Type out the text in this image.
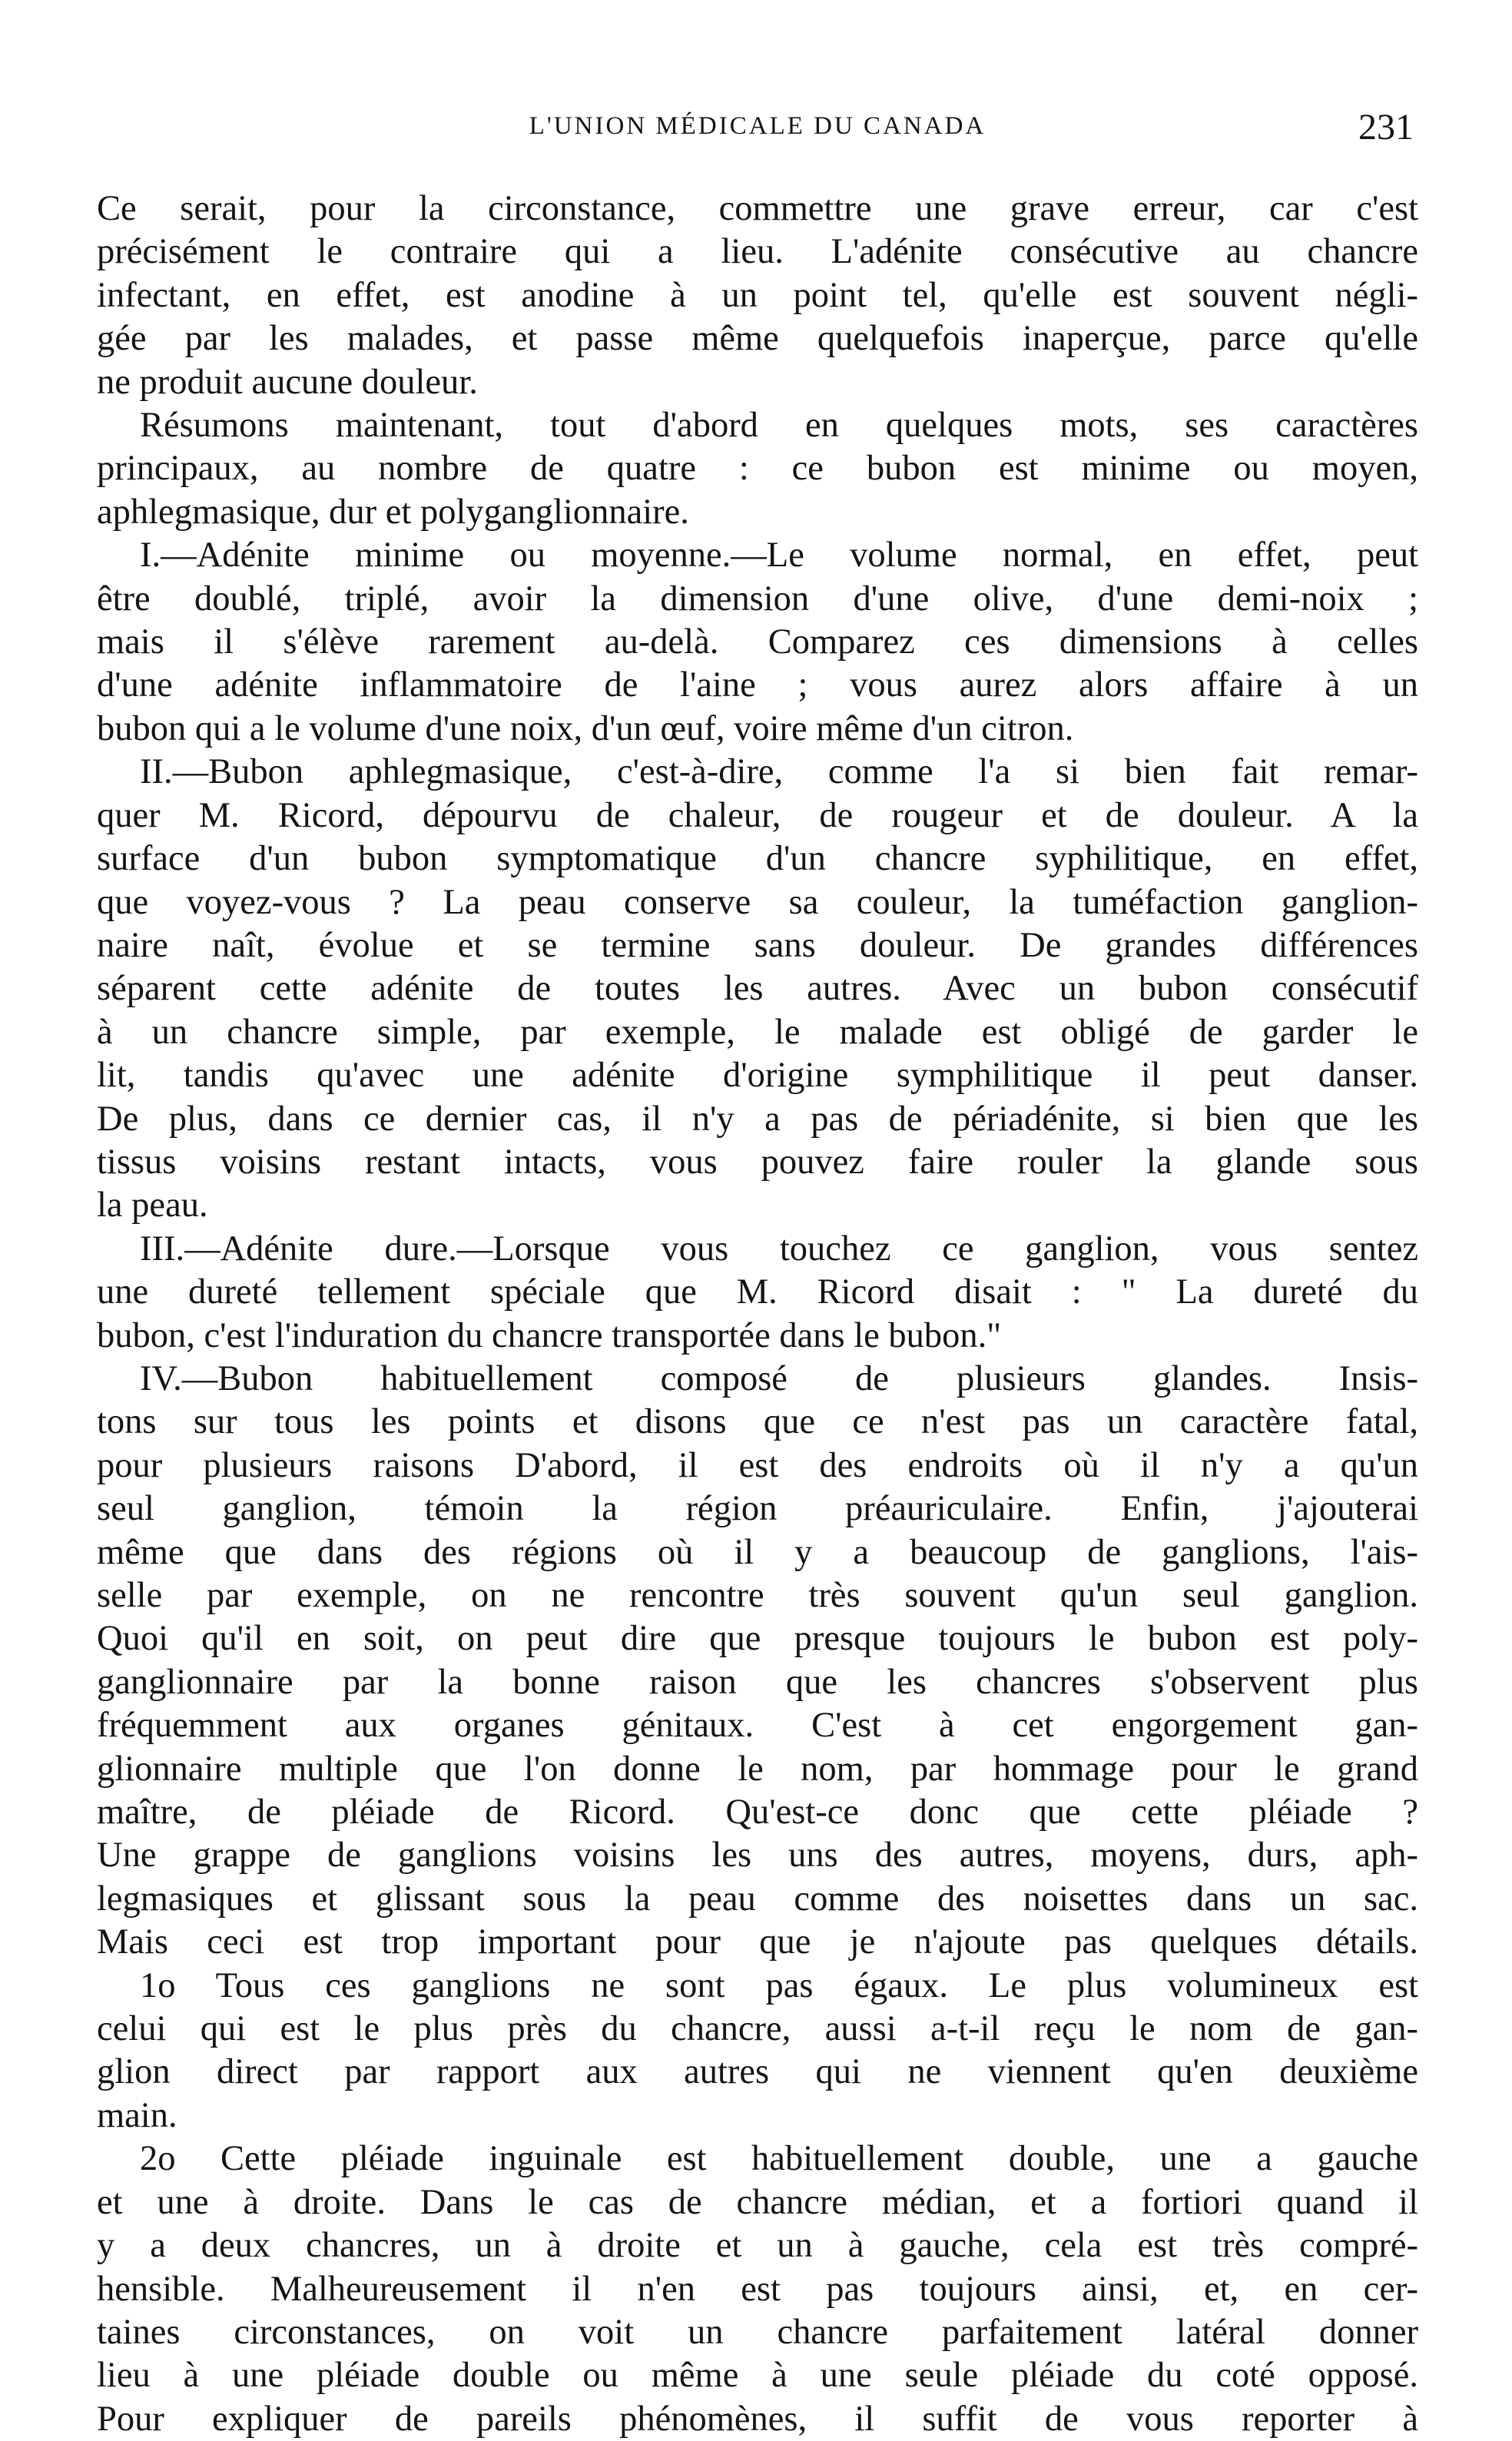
L'UNION MÉDICALE DU CANADA	231

Ce serait, pour la circonstance, commettre une grave erreur, car c'est

précisément le contraire qui a lieu. L'adénite consécutive au chancre

infectant, en effet, est anodine à un point tel, qu'elle est souvent négli-

gée par les malades, et passe même quelquefois inaperçue, parce qu'elle

ne produit aucune douleur.

Résumons maintenant, tout d'abord en quelques mots, ses caractères

principaux, au nombre de quatre : ce bubon est minime ou moyen,

aphlegmasique, dur et polyganglionnaire.

I.—Adénite minime ou moyenne.—Le volume normal, en effet, peut

être doublé, triplé, avoir la dimension d'une olive, d'une demi-noix ;

mais il s'élève rarement au-delà. Comparez ces dimensions à celles

d'une adénite inflammatoire de l'aine ; vous aurez alors affaire à un

bubon qui a le volume d'une noix, d'un œuf, voire même d'un citron.

II.—Bubon aphlegmasique, c'est-à-dire, comme l'a si bien fait remar-

quer M. Ricord, dépourvu de chaleur, de rougeur et de douleur. A la

surface d'un bubon symptomatique d'un chancre syphilitique, en effet,

que voyez-vous ? La peau conserve sa couleur, la tuméfaction ganglion-

naire naît, évolue et se termine sans douleur. De grandes différences

séparent cette adénite de toutes les autres. Avec un bubon consécutif

à un chancre simple, par exemple, le malade est obligé de garder le

lit, tandis qu'avec une adénite d'origine symphilitique il peut danser.

De plus, dans ce dernier cas, il n'y a pas de périadénite, si bien que les

tissus voisins restant intacts, vous pouvez faire rouler la glande sous

la peau.

III.—Adénite dure.—Lorsque vous touchez ce ganglion, vous sentez

une dureté tellement spéciale que M. Ricord disait : " La dureté du

bubon, c'est l'induration du chancre transportée dans le bubon."

IV.—Bubon habituellement composé de plusieurs glandes. Insis-

tons sur tous les points et disons que ce n'est pas un caractère fatal,

pour plusieurs raisons D'abord, il est des endroits où il n'y a qu'un

seul ganglion, témoin la région préauriculaire. Enfin, j'ajouterai

même que dans des régions où il y a beaucoup de ganglions, l'ais-

selle par exemple, on ne rencontre très souvent qu'un seul ganglion.

Quoi qu'il en soit, on peut dire que presque toujours le bubon est poly-

ganglionnaire par la bonne raison que les chancres s'observent plus

fréquemment aux organes génitaux. C'est à cet engorgement gan-

glionnaire multiple que l'on donne le nom, par hommage pour le grand

maître, de pléiade de Ricord. Qu'est-ce donc que cette pléiade ?

Une grappe de ganglions voisins les uns des autres, moyens, durs, aph-

legmasiques et glissant sous la peau comme des noisettes dans un sac.

Mais ceci est trop important pour que je n'ajoute pas quelques détails.

1o Tous ces ganglions ne sont pas égaux. Le plus volumineux est

celui qui est le plus près du chancre, aussi a-t-il reçu le nom de gan-

glion direct par rapport aux autres qui ne viennent qu'en deuxième

main.

2o Cette pléiade inguinale est habituellement double, une a gauche

et une à droite. Dans le cas de chancre médian, et a fortiori quand il

y a deux chancres, un à droite et un à gauche, cela est très compré-

hensible. Malheureusement il n'en est pas toujours ainsi, et, en cer-

taines circonstances, on voit un chancre parfaitement latéral donner

lieu à une pléiade double ou même à une seule pléiade du coté opposé.

Pour expliquer de pareils phénomènes, il suffit de vous reporter à
